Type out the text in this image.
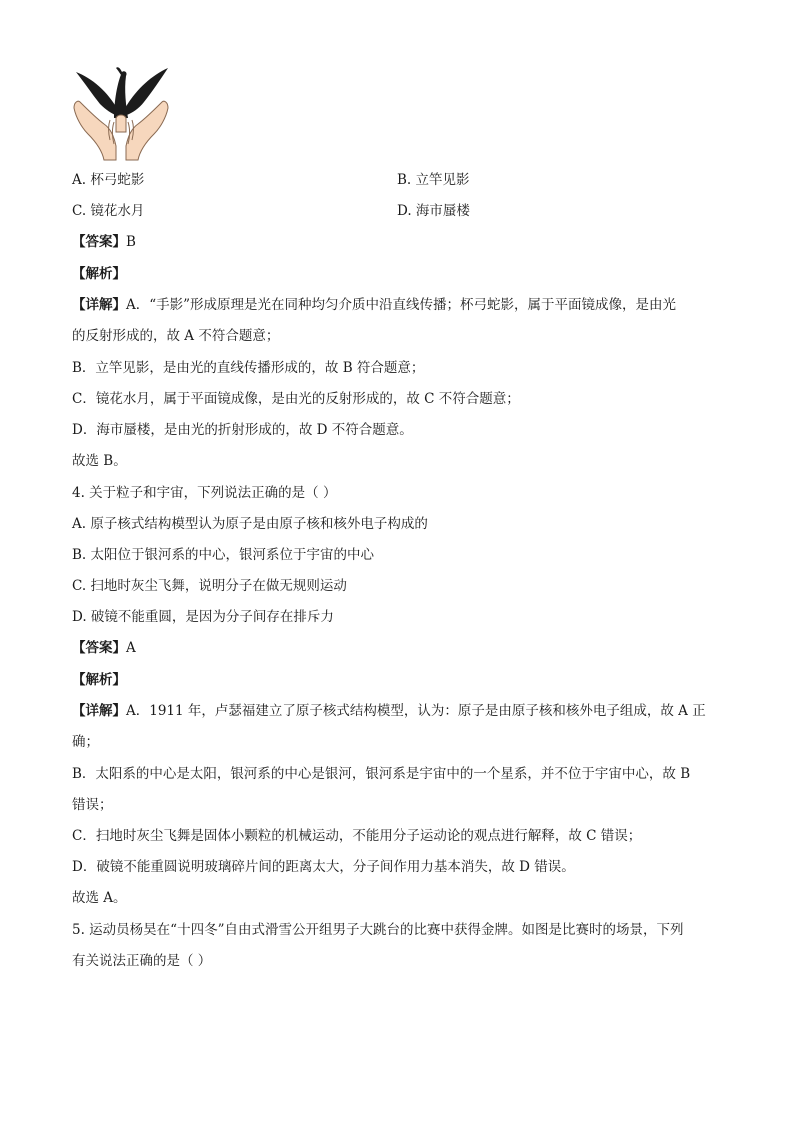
A. 杯弓蛇影	B. 立竿见影
C. 镜花水月	D. 海市蜃楼
【答案】B
【解析】
【详解】A．“手影”形成原理是光在同种均匀介质中沿直线传播；杯弓蛇影，属于平面镜成像，是由光
的反射形成的，故 A 不符合题意；
B．立竿见影，是由光的直线传播形成的，故 B 符合题意；
C．镜花水月，属于平面镜成像，是由光的反射形成的，故 C 不符合题意；
D．海市蜃楼，是由光的折射形成的，故 D 不符合题意。
故选 B。
4. 关于粒子和宇宙，下列说法正确的是（ ）
A. 原子核式结构模型认为原子是由原子核和核外电子构成的
B. 太阳位于银河系的中心，银河系位于宇宙的中心
C. 扫地时灰尘飞舞，说明分子在做无规则运动
D. 破镜不能重圆，是因为分子间存在排斥力
【答案】A
【解析】
【详解】A．1911 年，卢瑟福建立了原子核式结构模型，认为：原子是由原子核和核外电子组成，故 A 正
确；
B．太阳系的中心是太阳，银河系的中心是银河，银河系是宇宙中的一个星系，并不位于宇宙中心，故 B
错误；
C．扫地时灰尘飞舞是固体小颗粒的机械运动，不能用分子运动论的观点进行解释，故 C 错误；
D．破镜不能重圆说明玻璃碎片间的距离太大，分子间作用力基本消失，故 D 错误。
故选 A。
5. 运动员杨昊在“十四冬”自由式滑雪公开组男子大跳台的比赛中获得金牌。如图是比赛时的场景，下列
有关说法正确的是（ ）
